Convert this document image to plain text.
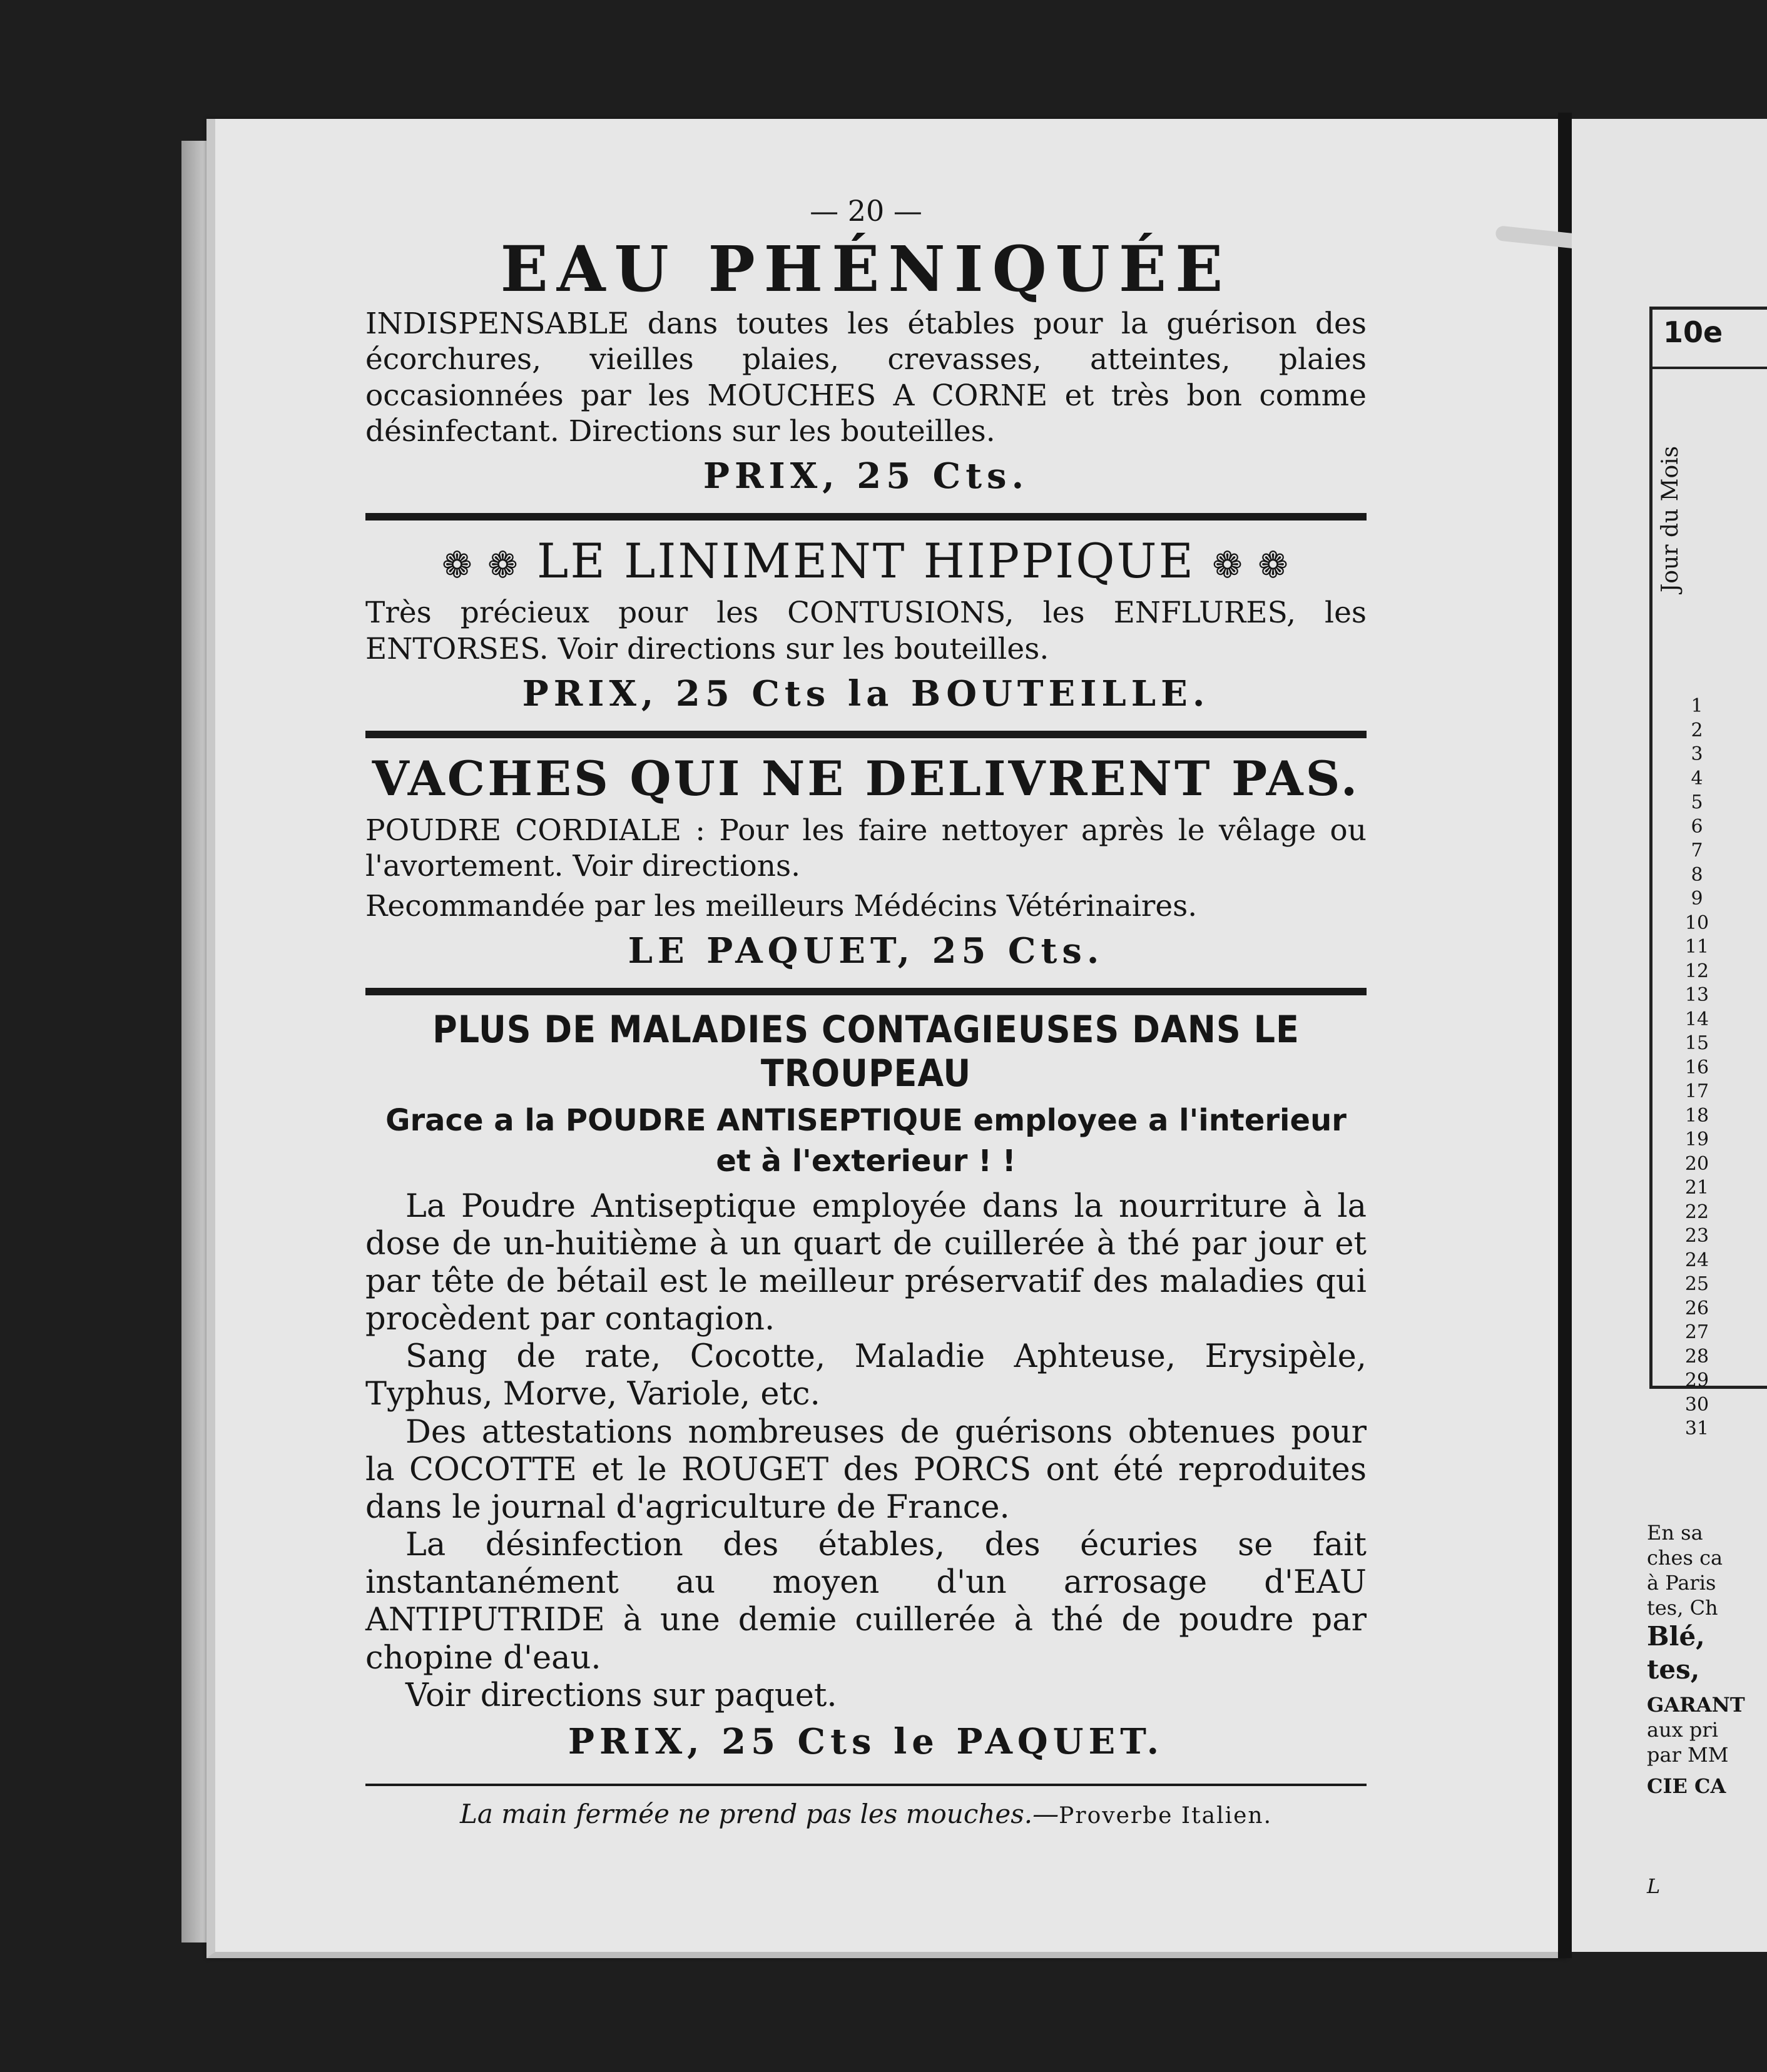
— 20 —
EAU PHÉNIQUÉE

INDISPENSABLE dans toutes les étables pour la guérison des écorchures, vieilles plaies, crevasses, atteintes, plaies occasionnées par les MOUCHES A CORNE et très bon comme désinfectant. Directions sur les bouteilles.

PRIX, 25 Cts.
❁ ❁ LE LINIMENT HIPPIQUE ❁ ❁

Très précieux pour les CONTUSIONS, les ENFLURES, les ENTORSES. Voir directions sur les bouteilles.

PRIX, 25 Cts la BOUTEILLE.
VACHES QUI NE DELIVRENT PAS.

POUDRE CORDIALE : Pour les faire nettoyer après le vêlage ou l'avortement. Voir directions.

Recommandée par les meilleurs Médécins Vétérinaires.

LE PAQUET, 25 Cts.
PLUS DE MALADIES CONTAGIEUSES DANS LE TROUPEAU
Grace a la POUDRE ANTISEPTIQUE employee a l'interieur et à l'exterieur ! !

La Poudre Antiseptique employée dans la nourriture à la dose de un-huitième à un quart de cuillerée à thé par jour et par tête de bétail est le meilleur préservatif des maladies qui procèdent par contagion.

Sang de rate, Cocotte, Maladie Aphteuse, Erysipèle, Typhus, Morve, Variole, etc.

Des attestations nombreuses de guérisons obtenues pour la COCOTTE et le ROUGET des PORCS ont été reproduites dans le journal d'agriculture de France.

La désinfection des étables, des écuries se fait instantanément au moyen d'un arrosage d'EAU ANTIPUTRIDE à une demie cuillerée à thé de poudre par chopine d'eau.

Voir directions sur paquet.

PRIX, 25 Cts le PAQUET.
La main fermée ne prend pas les mouches.—Proverbe Italien.
10e
Jour du Mois
1
2
3
4
5
6
7
8
9
10
11
12
13
14
15
16
17
18
19
20
21
22
23
24
25
26
27
28
29
30
31
En sa
ches ca
à Paris
tes, Ch
Blé,
tes,
GARANT
aux pri
par MM
CIE CA
L
